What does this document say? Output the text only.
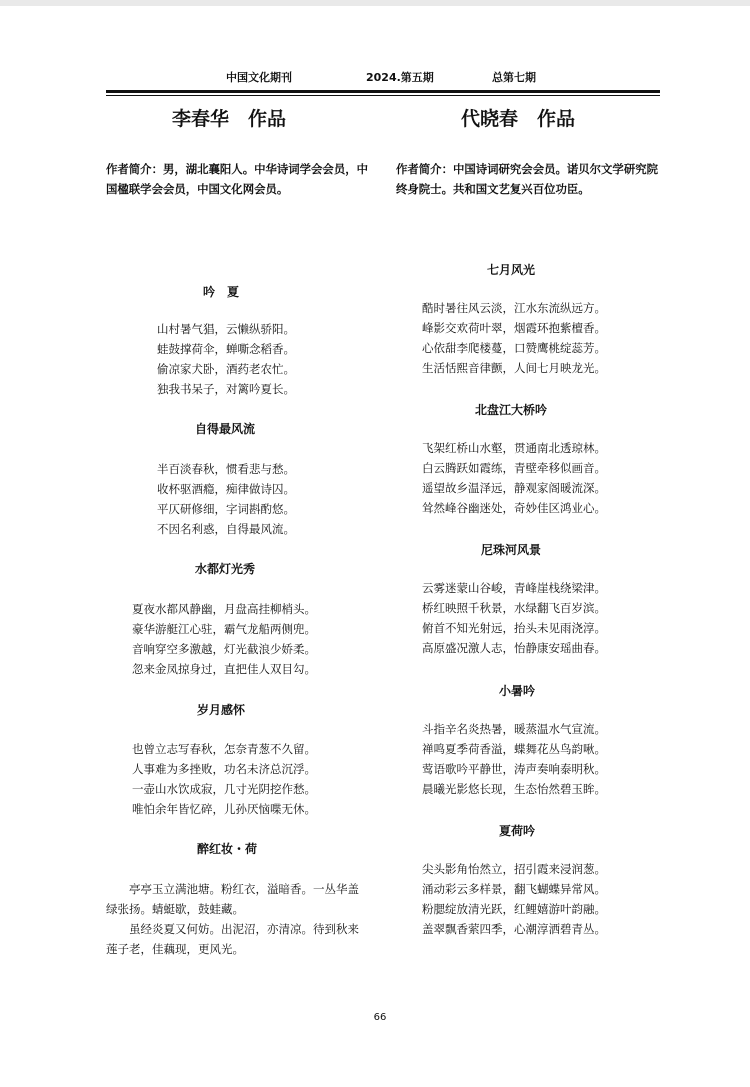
中国文化期刊	2024.第五期	总第七期
李春华　作品
作者简介：男，湖北襄阳人。中华诗词学会会员，中国楹联学会会员，中国文化网会员。
吟　夏
山村暑气猖，云懒纵骄阳。
蛙鼓撑荷伞，蝉嘶念稻香。
偷凉家犬卧，酒药老农忙。
独我书呆子，对篱吟夏长。
自得最风流
半百淡春秋，惯看悲与愁。
收杯驱酒瘾，痴律做诗囚。
平仄研修细，字词斟酌悠。
不因名利惑，自得最风流。
水都灯光秀
夏夜水都风静幽，月盘高挂柳梢头。
豪华游艇江心驻，霸气龙船两侧兜。
音响穿空多激越，灯光截浪少娇柔。
忽来金凤掠身过，直把佳人双目勾。
岁月感怀
也曾立志写春秋，怎奈青葱不久留。
人事难为多挫败，功名未济总沉浮。
一壶山水饮成寂，几寸光阴挖作愁。
唯怕余年皆忆碎，儿孙厌恼喋无休。
醉红妆・荷
亭亭玉立满池塘。粉红衣，溢暗香。一丛华盖绿张扬。蜻蜓歇，鼓蛙藏。
虽经炎夏又何妨。出泥沼，亦清凉。待到秋来莲子老，佳藕现，更风光。
代晓春　作品
作者简介：中国诗词研究会会员。诺贝尔文学研究院终身院士。共和国文艺复兴百位功臣。
七月风光
酷时暑往风云淡，江水东流纵远方。
峰影交欢荷叶翠，烟霞环抱紫檀香。
心依甜李爬楼蔓，口赞鹰桃绽蕊芳。
生活恬熙音律颤，人间七月映龙光。
北盘江大桥吟
飞架红桥山水壑，贯通南北透琼林。
白云腾跃如霞练，青壁牵移似画音。
遥望故乡温泽远，静观家阁暖流深。
耸然峰谷幽迷处，奇妙佳区鸿业心。
尼珠河风景
云雾迷蒙山谷峻，青峰崖栈绕梁津。
桥红映照千秋景，水绿翻飞百岁滨。
俯首不知光射远，抬头未见雨浇淳。
高原盛况激人志，怡静康安瑶曲春。
小暑吟
斗指辛名炎热暑，暖蒸温水气宣流。
禅鸣夏季荷香溢，蝶舞花丛鸟韵啾。
莺语歌吟平静世，涛声奏响泰明秋。
晨曦光影悠长现，生态怡然碧玉眸。
夏荷吟
尖头影角怡然立，招引霞来浸润葱。
涌动彩云多样景，翻飞蝴蝶异常风。
粉腮绽放清光跃，红鲤嬉游叶韵融。
盖翠飘香萦四季，心潮淳洒碧青丛。
66
